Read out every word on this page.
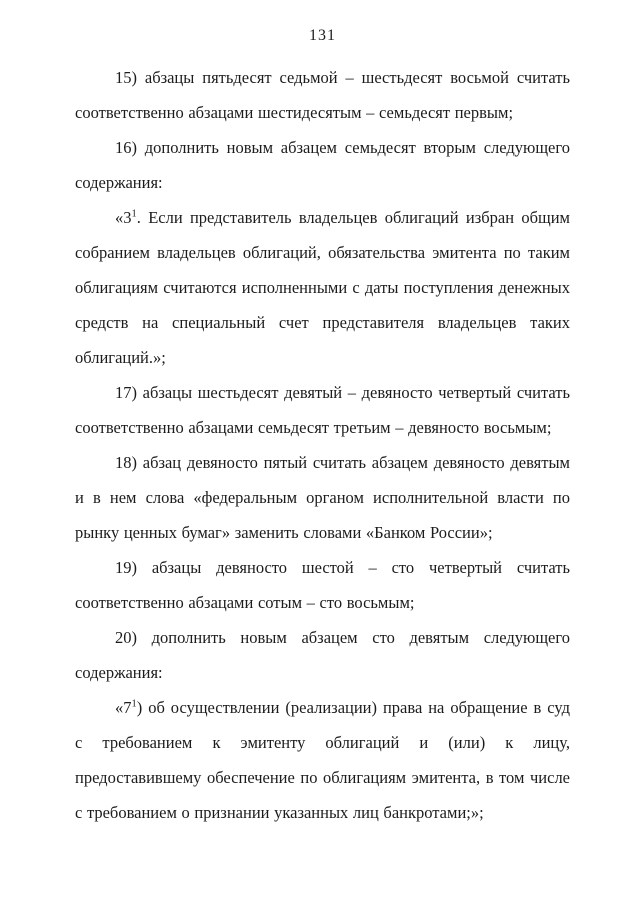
131

15) абзацы пятьдесят седьмой – шестьдесят восьмой считать соответственно абзацами шестидесятым – семьдесят первым;

16) дополнить новым абзацем семьдесят вторым следующего содержания:

«$3^1$. Если представитель владельцев облигаций избран общим собранием владельцев облигаций, обязательства эмитента по таким облигациям считаются исполненными с даты поступления денежных средств на специальный счет представителя владельцев таких облигаций.»;

17) абзацы шестьдесят девятый – девяносто четвертый считать соответственно абзацами семьдесят третьим – девяносто восьмым;

18) абзац девяносто пятый считать абзацем девяносто девятым и в нем слова «федеральным органом исполнительной власти по рынку ценных бумаг» заменить словами «Банком России»;

19) абзацы девяносто шестой – сто четвертый считать соответственно абзацами сотым – сто восьмым;

20) дополнить новым абзацем сто девятым следующего содержания:

«$7^1$) об осуществлении (реализации) права на обращение в суд с требованием к эмитенту облигаций и (или) к лицу, предоставившему обеспечение по облигациям эмитента, в том числе с требованием о признании указанных лиц банкротами;»;
